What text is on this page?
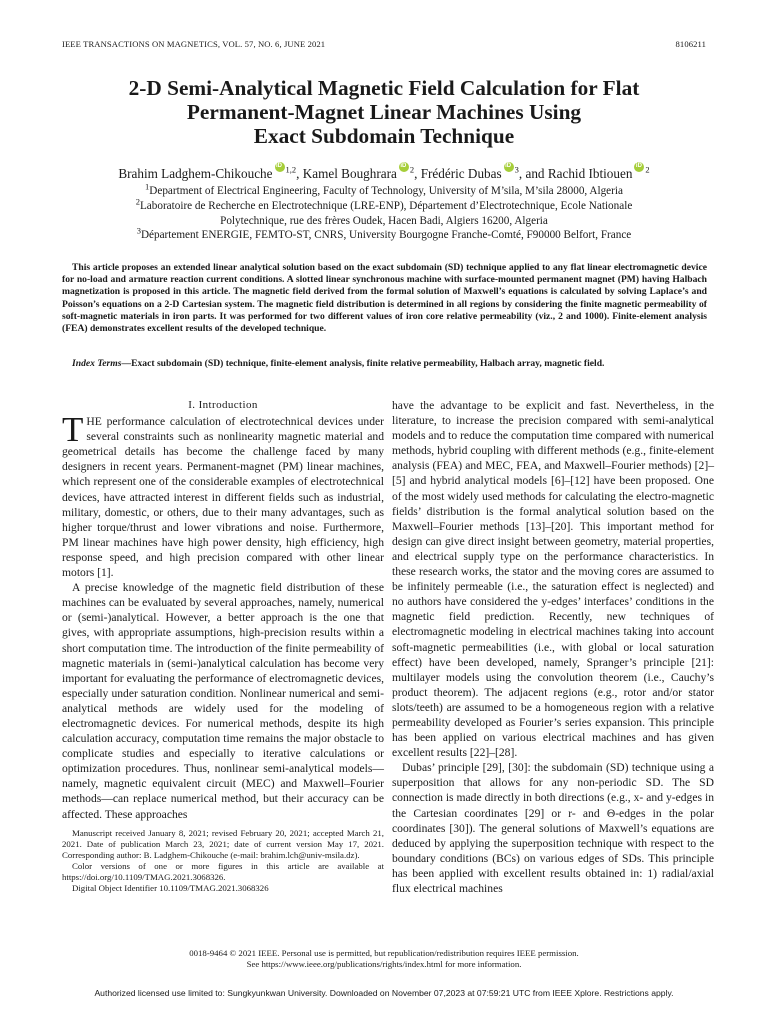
IEEE TRANSACTIONS ON MAGNETICS, VOL. 57, NO. 6, JUNE 2021	8106211
2-D Semi-Analytical Magnetic Field Calculation for Flat
Permanent-Magnet Linear Machines Using
Exact Subdomain Technique
Brahim Ladghem-Chikouche iD $^{1,2}$, Kamel Boughrara iD $^2$, Frédéric Dubas iD $^3$, and Rachid Ibtiouen iD $^2$
$^1$Department of Electrical Engineering, Faculty of Technology, University of M’sila, M’sila 28000, Algeria
$^2$Laboratoire de Recherche en Electrotechnique (LRE-ENP), Département d’Electrotechnique, Ecole Nationale
Polytechnique, rue des frères Oudek, Hacen Badi, Algiers 16200, Algeria
$^3$Département ENERGIE, FEMTO-ST, CNRS, University Bourgogne Franche-Comté, F90000 Belfort, France
This article proposes an extended linear analytical solution based on the exact subdomain (SD) technique applied to any flat linear electromagnetic device for no-load and armature reaction current conditions. A slotted linear synchronous machine with surface-mounted permanent magnet (PM) having Halbach magnetization is proposed in this article. The magnetic field derived from the formal solution of Maxwell’s equations is calculated by solving Laplace’s and Poisson’s equations on a 2-D Cartesian system. The magnetic field distribution is determined in all regions by considering the finite magnetic permeability of soft-magnetic materials in iron parts. It was performed for two different values of iron core relative permeability (viz., 2 and 1000). Finite-element analysis (FEA) demonstrates excellent results of the developed technique.
Index Terms—Exact subdomain (SD) technique, finite-element analysis, finite relative permeability, Halbach array, magnetic field.
I. Introduction

THE performance calculation of electrotechnical devices under several constraints such as nonlinearity magnetic material and geometrical details has become the challenge faced by many designers in recent years. Permanent-magnet (PM) linear machines, which represent one of the considerable examples of electrotechnical devices, have attracted interest in different fields such as industrial, military, domestic, or others, due to their many advantages, such as higher torque/thrust and lower vibrations and noise. Furthermore, PM linear machines have high power density, high efficiency, high response speed, and high precision compared with other linear motors [1].

A precise knowledge of the magnetic field distribution of these machines can be evaluated by several approaches, namely, numerical or (semi-)analytical. However, a better approach is the one that gives, with appropriate assumptions, high-precision results within a short computation time. The introduction of the finite permeability of magnetic materials in (semi-)analytical calculation has become very important for evaluating the performance of electromagnetic devices, especially under saturation condition. Nonlinear numerical and semi-analytical methods are widely used for the modeling of electromagnetic devices. For numerical methods, despite its high calculation accuracy, computation time remains the major obstacle to complicate studies and especially to iterative calculations or optimization procedures. Thus, nonlinear semi-analytical models—namely, magnetic equivalent circuit (MEC) and Maxwell–Fourier methods—can replace numerical method, but their accuracy can be affected. These approaches

Manuscript received January 8, 2021; revised February 20, 2021; accepted March 21, 2021. Date of publication March 23, 2021; date of current version May 17, 2021. Corresponding author: B. Ladghem-Chikouche (e-mail: brahim.lch@univ-msila.dz).

Color versions of one or more figures in this article are available at https://doi.org/10.1109/TMAG.2021.3068326.

Digital Object Identifier 10.1109/TMAG.2021.3068326

have the advantage to be explicit and fast. Nevertheless, in the literature, to increase the precision compared with semi-analytical models and to reduce the computation time compared with numerical methods, hybrid coupling with different methods (e.g., finite-element analysis (FEA) and MEC, FEA, and Maxwell–Fourier methods) [2]–[5] and hybrid analytical models [6]–[12] have been proposed. One of the most widely used methods for calculating the electro-magnetic fields’ distribution is the formal analytical solution based on the Maxwell–Fourier methods [13]–[20]. This important method for design can give direct insight between geometry, material properties, and electrical supply type on the performance characteristics. In these research works, the stator and the moving cores are assumed to be infinitely permeable (i.e., the saturation effect is neglected) and no authors have considered the y-edges’ interfaces’ conditions in the magnetic field prediction. Recently, new techniques of electromagnetic modeling in electrical machines taking into account soft-magnetic permeabilities (i.e., with global or local saturation effect) have been developed, namely, Spranger’s principle [21]: multilayer models using the convolution theorem (i.e., Cauchy’s product theorem). The adjacent regions (e.g., rotor and/or stator slots/teeth) are assumed to be a homogeneous region with a relative permeability developed as Fourier’s series expansion. This principle has been applied on various electrical machines and has given excellent results [22]–[28].

Dubas’ principle [29], [30]: the subdomain (SD) technique using a superposition that allows for any non-periodic SD. The SD connection is made directly in both directions (e.g., x- and y-edges in the Cartesian coordinates [29] or r- and Θ-edges in the polar coordinates [30]). The general solutions of Maxwell’s equations are deduced by applying the superposition technique with respect to the boundary conditions (BCs) on various edges of SDs. This principle has been applied with excellent results obtained in: 1) radial/axial flux electrical machines

0018-9464 © 2021 IEEE. Personal use is permitted, but republication/redistribution requires IEEE permission.
See https://www.ieee.org/publications/rights/index.html for more information.
Authorized licensed use limited to: Sungkyunkwan University. Downloaded on November 07,2023 at 07:59:21 UTC from IEEE Xplore. Restrictions apply.
